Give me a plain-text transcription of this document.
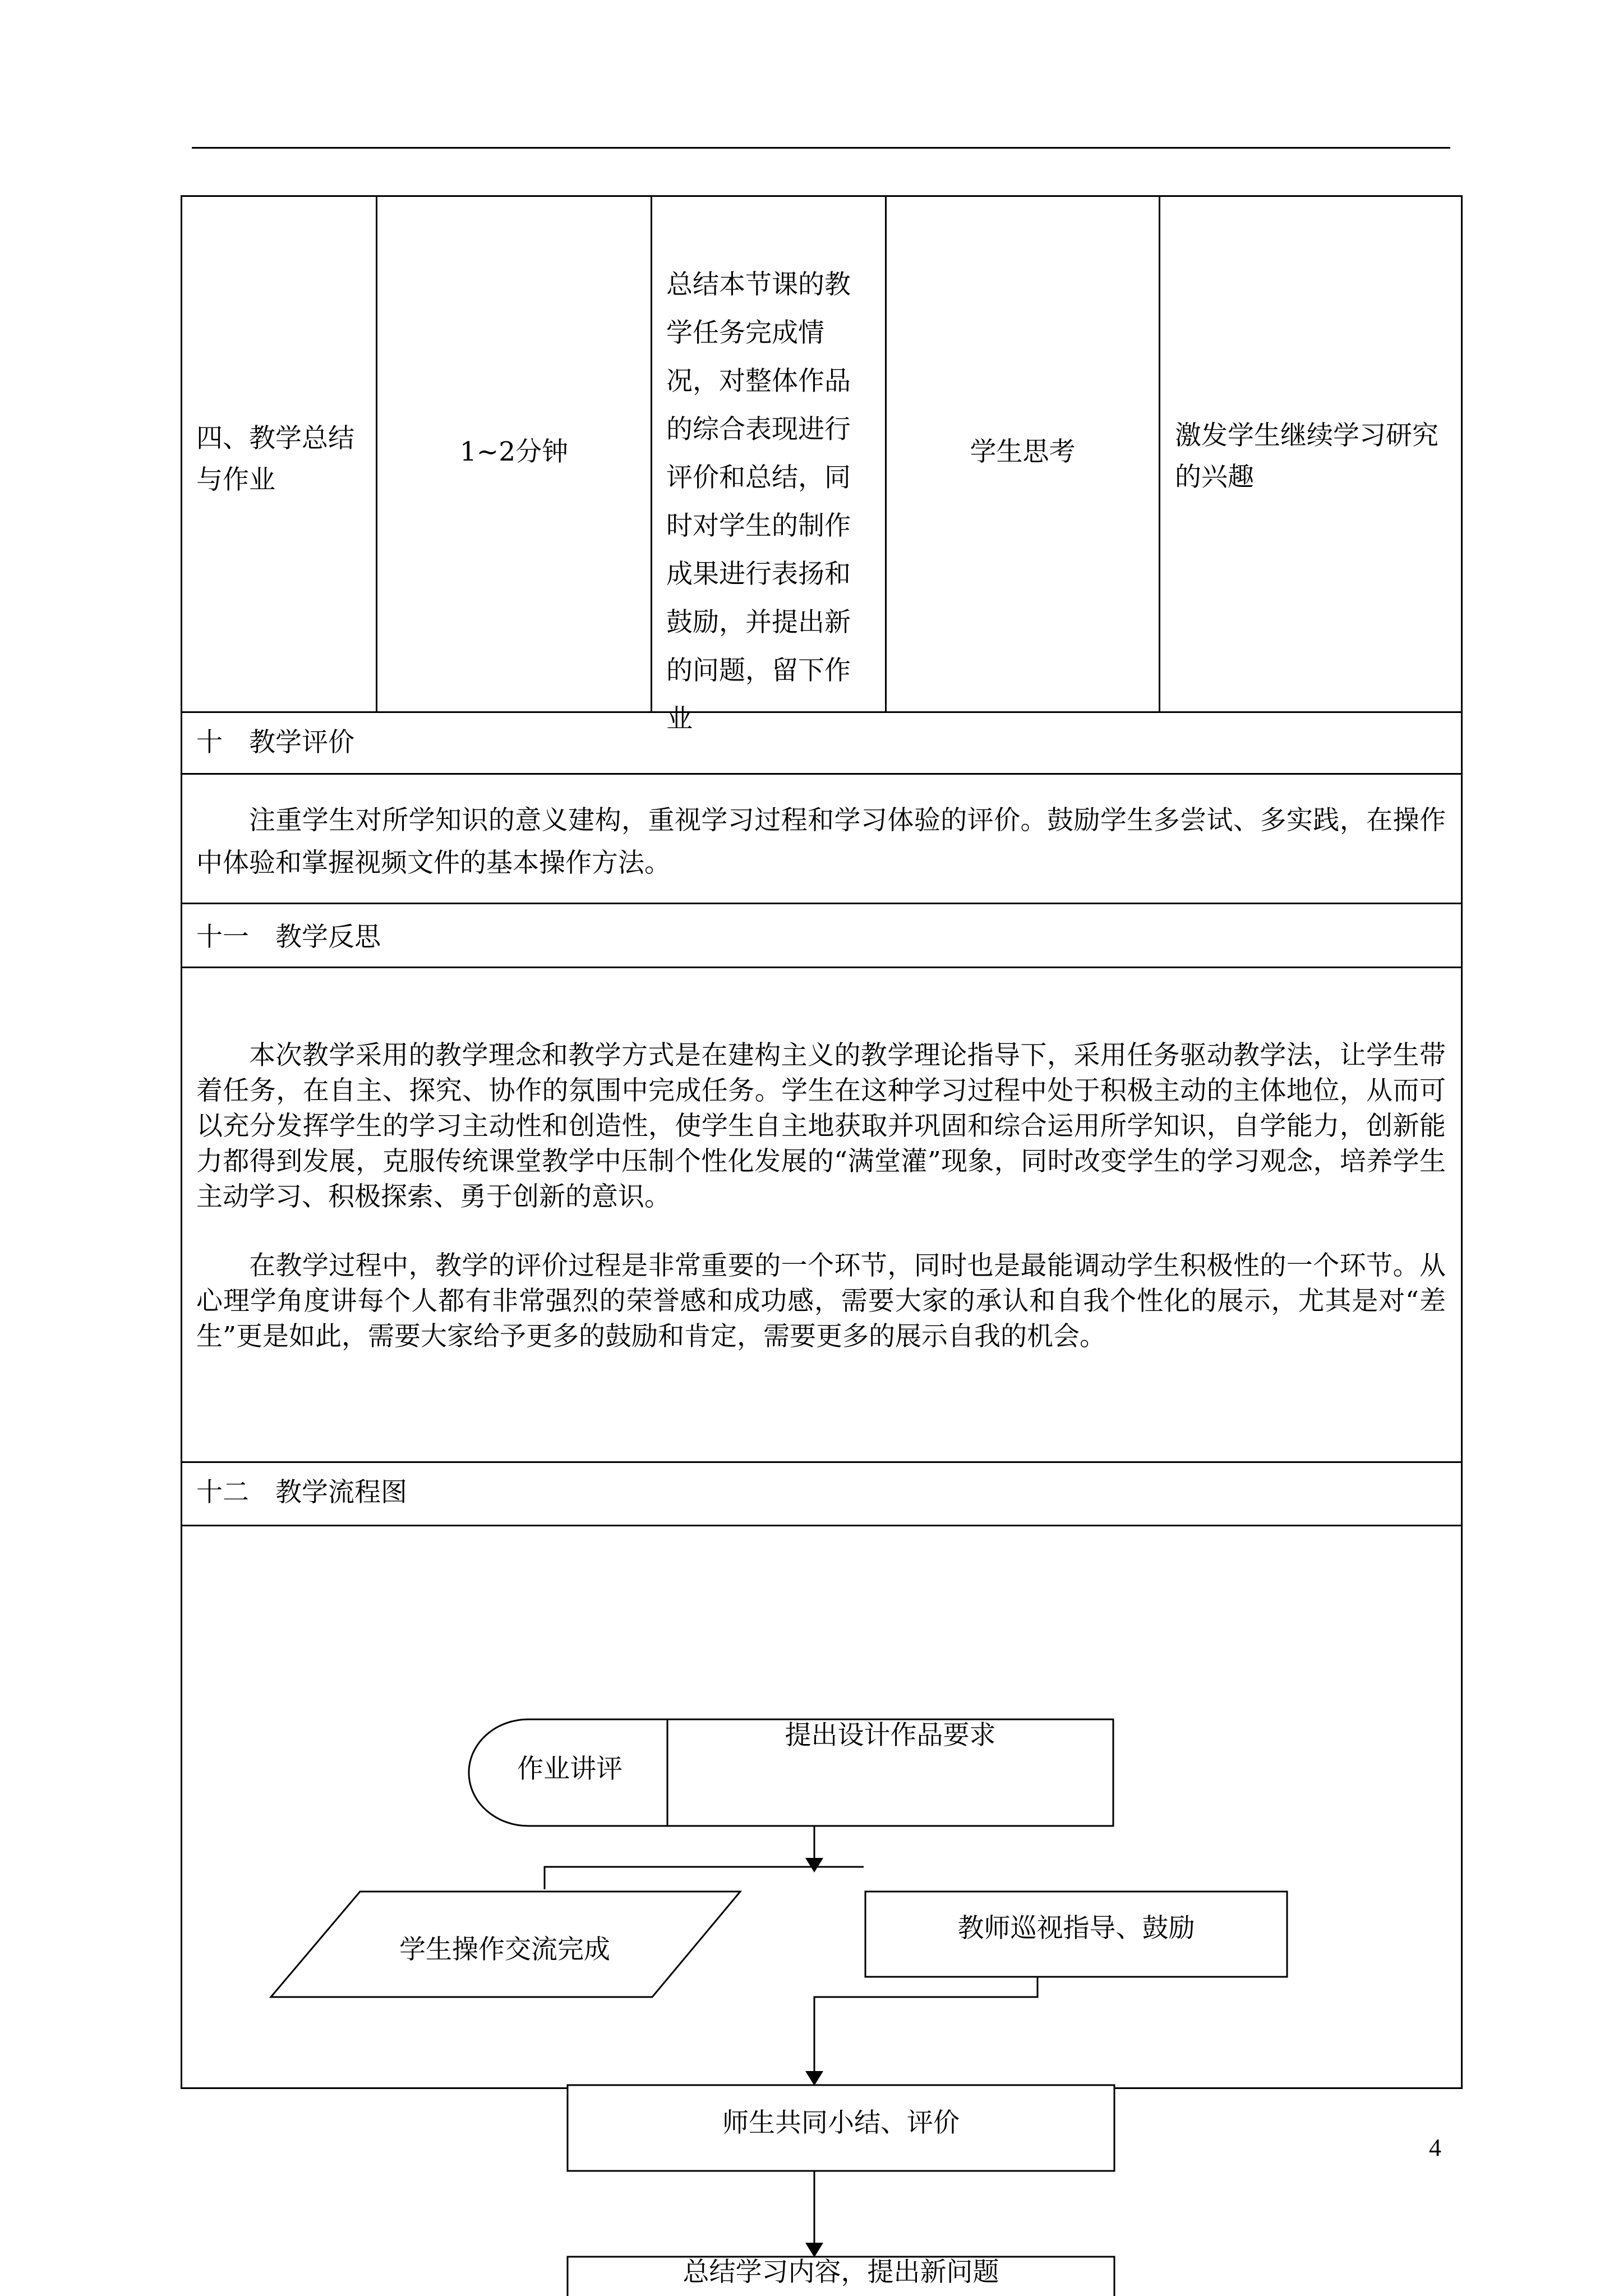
四、教学总结与作业
1~2分钟
总结本节课的教学任务完成情况，对整体作品的综合表现进行评价和总结，同时对学生的制作成果进行表扬和鼓励，并提出新的问题，留下作业
学生思考
激发学生继续学习研究的兴趣
十　教学评价
注重学生对所学知识的意义建构，重视学习过程和学习体验的评价。鼓励学生多尝试、多实践，在操作中体验和掌握视频文件的基本操作方法。
十一　教学反思
本次教学采用的教学理念和教学方式是在建构主义的教学理论指导下，采用任务驱动教学法，让学生带着任务，在自主、探究、协作的氛围中完成任务。学生在这种学习过程中处于积极主动的主体地位，从而可以充分发挥学生的学习主动性和创造性，使学生自主地获取并巩固和综合运用所学知识，自学能力，创新能力都得到发展，克服传统课堂教学中压制个性化发展的“满堂灌”现象，同时改变学生的学习观念，培养学生主动学习、积极探索、勇于创新的意识。
在教学过程中，教学的评价过程是非常重要的一个环节，同时也是最能调动学生积极性的一个环节。从心理学角度讲每个人都有非常强烈的荣誉感和成功感，需要大家的承认和自我个性化的展示，尤其是对“差生”更是如此，需要大家给予更多的鼓励和肯定，需要更多的展示自我的机会。
十二　教学流程图
作业讲评
提出设计作品要求
学生操作交流完成
教师巡视指导、鼓励
师生共同小结、评价
总结学习内容，提出新问题
4
